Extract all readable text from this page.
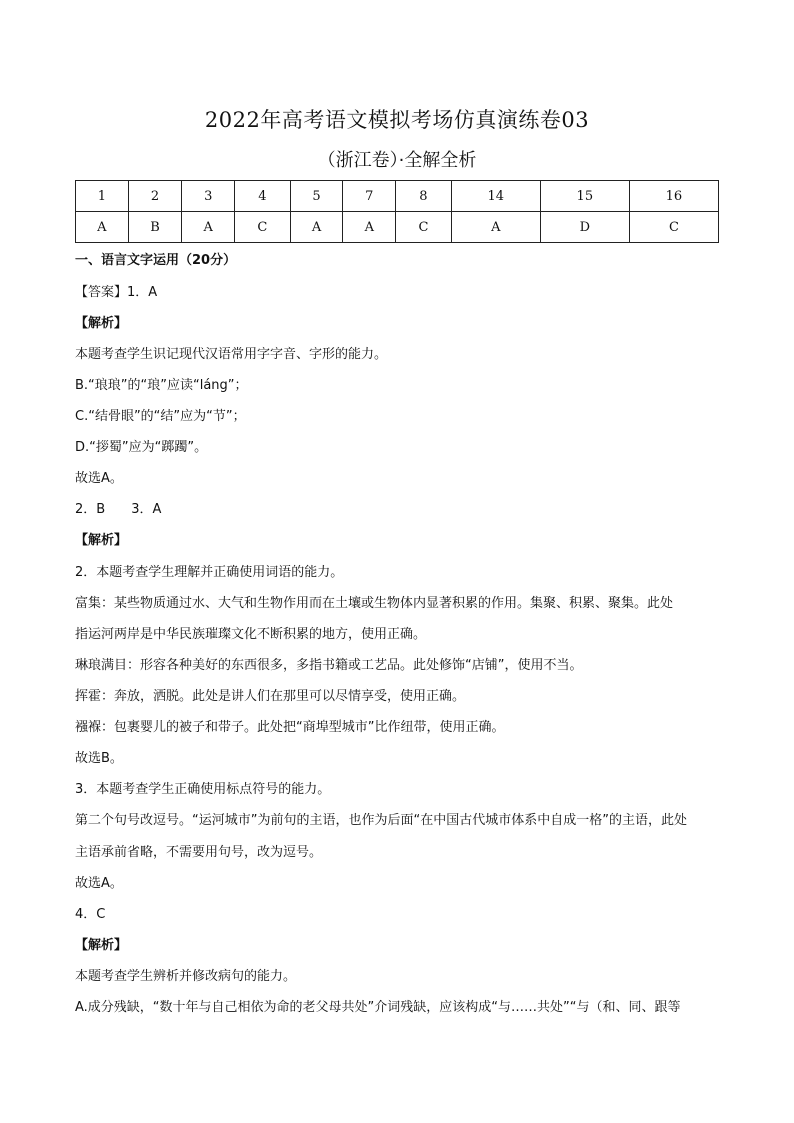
2022年高考语文模拟考场仿真演练卷03
（浙江卷）·全解全析
1	2	3	4	5	7	8	14	15	16
A	B	A	C	A	A	C	A	D	C
一、语言文字运用（20分）
【答案】1．A
【解析】
本题考查学生识记现代汉语常用字字音、字形的能力。
B.“琅琅”的“琅”应读“láng”；
C.“结骨眼”的“结”应为“节”；
D.“拶蜀”应为“踯躅”。
故选A。
2．B　　3．A
【解析】
2．本题考查学生理解并正确使用词语的能力。
富集：某些物质通过水、大气和生物作用而在土壤或生物体内显著积累的作用。集聚、积累、聚集。此处
指运河两岸是中华民族璀璨文化不断积累的地方，使用正确。
琳琅满目：形容各种美好的东西很多，多指书籍或工艺品。此处修饰“店铺”，使用不当。
挥霍：奔放，洒脱。此处是讲人们在那里可以尽情享受，使用正确。
襁褓：包裹婴儿的被子和带子。此处把“商埠型城市”比作纽带，使用正确。
故选B。
3．本题考查学生正确使用标点符号的能力。
第二个句号改逗号。“运河城市”为前句的主语，也作为后面“在中国古代城市体系中自成一格”的主语，此处
主语承前省略，不需要用句号，改为逗号。
故选A。
4．C
【解析】
本题考查学生辨析并修改病句的能力。
A.成分残缺，“数十年与自己相依为命的老父母共处”介词残缺，应该构成“与……共处”“与（和、同、跟等
